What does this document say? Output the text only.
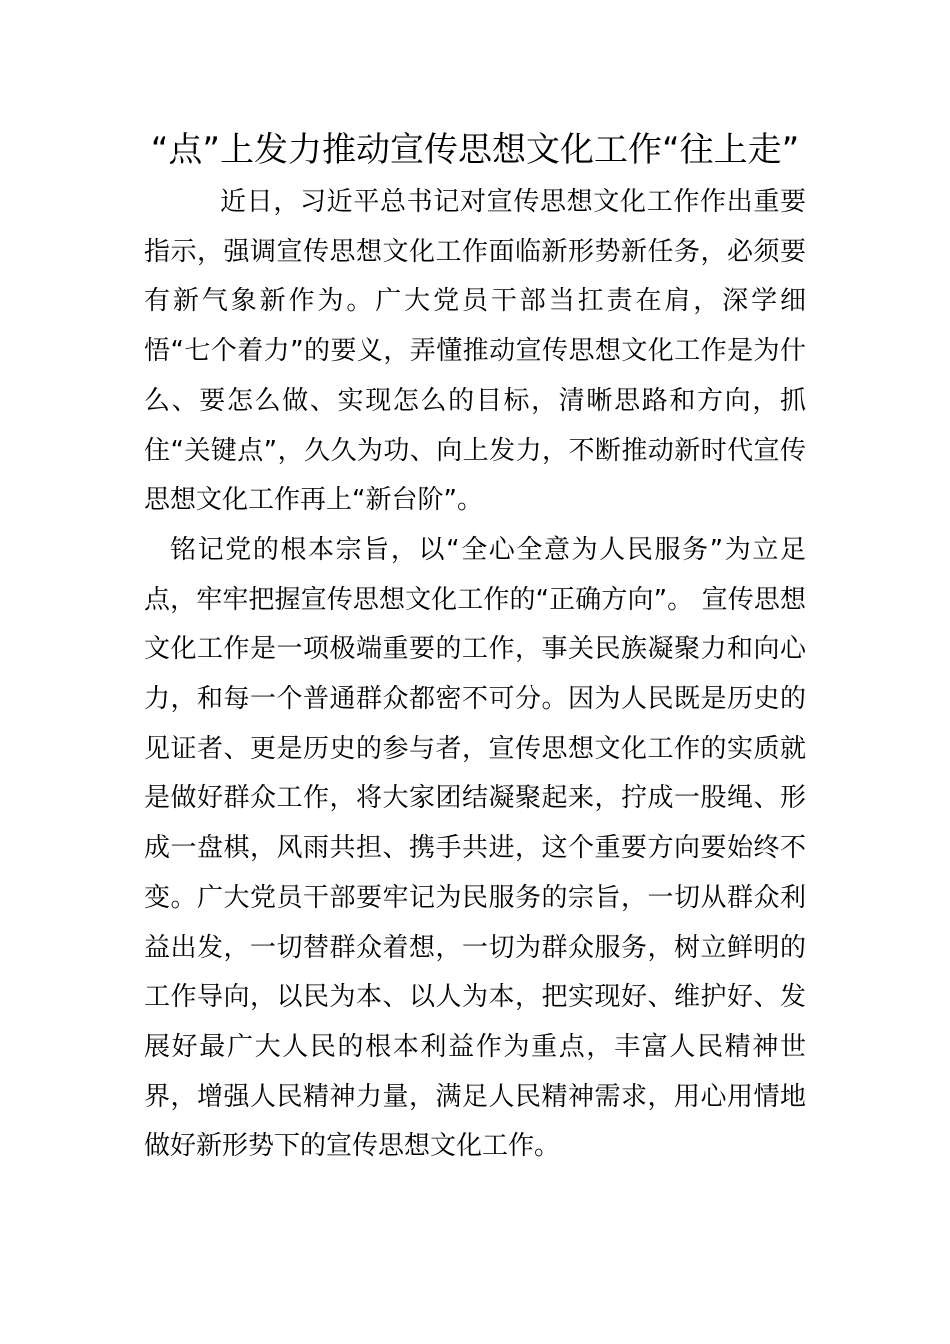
“点”上发力推动宣传思想文化工作“往上走”

近日，习近平总书记对宣传思想文化工作作出重要指示，强调宣传思想文化工作面临新形势新任务，必须要有新气象新作为。广大党员干部当扛责在肩，深学细悟“七个着力”的要义，弄懂推动宣传思想文化工作是为什么、要怎么做、实现怎么的目标，清晰思路和方向，抓住“关键点”，久久为功、向上发力，不断推动新时代宣传思想文化工作再上“新台阶”。

铭记党的根本宗旨，以“全心全意为人民服务”为立足点，牢牢把握宣传思想文化工作的“正确方向”。 宣传思想文化工作是一项极端重要的工作，事关民族凝聚力和向心力，和每一个普通群众都密不可分。因为人民既是历史的见证者、更是历史的参与者，宣传思想文化工作的实质就是做好群众工作，将大家团结凝聚起来，拧成一股绳、形成一盘棋，风雨共担、携手共进，这个重要方向要始终不变。广大党员干部要牢记为民服务的宗旨，一切从群众利益出发，一切替群众着想，一切为群众服务，树立鲜明的工作导向，以民为本、以人为本，把实现好、维护好、发展好最广大人民的根本利益作为重点，丰富人民精神世界，增强人民精神力量，满足人民精神需求，用心用情地做好新形势下的宣传思想文化工作。
